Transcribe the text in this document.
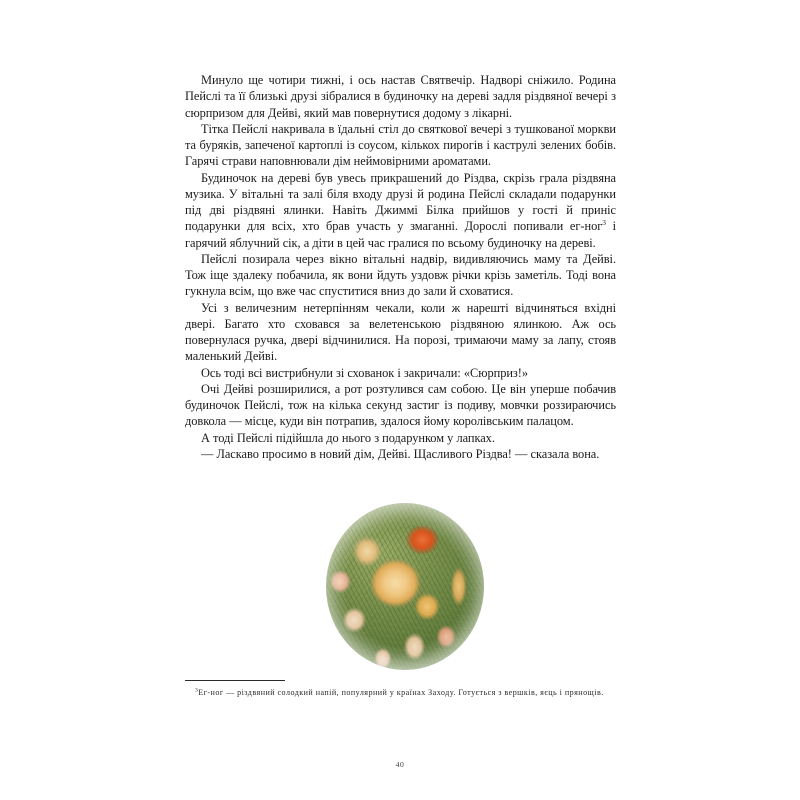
Минуло ще чотири тижні, і ось настав Святвечір. Надворі сніжило. Родина Пейслі та її близькі друзі зібралися в будиночку на дереві задля різдвяної вечері з сюрпризом для Дейві, який мав повернутися додому з лікарні.

Тітка Пейслі накривала в їдальні стіл до святкової вечері з тушкованої моркви та буряків, запеченої картоплі із соусом, кількох пирогів і каструлі зелених бобів. Гарячі страви наповнювали дім неймовірними ароматами.

Будиночок на дереві був увесь прикрашений до Різдва, скрізь грала різдвяна музика. У вітальні та залі біля входу друзі й родина Пейслі складали подарунки під дві різдвяні ялинки. Навіть Джиммі Білка прийшов у гості й приніс подарунки для всіх, хто брав участь у змаганні. Дорослі попивали ег-ног$^3$ і гарячий яблучний сік, а діти в цей час гралися по всьому будиночку на дереві.

Пейслі позирала через вікно вітальні надвір, видивляючись маму та Дейві. Тож іще здалеку побачила, як вони йдуть уздовж річки крізь заметіль. Тоді вона гукнула всім, що вже час спуститися вниз до зали й сховатися.

Усі з величезним нетерпінням чекали, коли ж нарешті відчиняться вхідні двері. Багато хто сховався за велетенською різдвяною ялинкою. Аж ось повернулася ручка, двері відчинилися. На порозі, тримаючи маму за лапу, стояв маленький Дейві.

Ось тоді всі вистрибнули зі схованок і закричали: «Сюрприз!»

Очі Дейві розширилися, а рот розтулився сам собою. Це він уперше побачив будиночок Пейслі, тож на кілька секунд застиг із подиву, мовчки роззираючись довкола — місце, куди він потрапив, здалося йому королівським палацом.

А тоді Пейслі підійшла до нього з подарунком у лапках.

— Ласкаво просимо в новий дім, Дейві. Щасливого Різдва! — сказала вона.

$^3$Ег-ног — різдвяний солодкий напій, популярний у країнах Заходу. Готується з вершків, яєць і прянощів.

40
